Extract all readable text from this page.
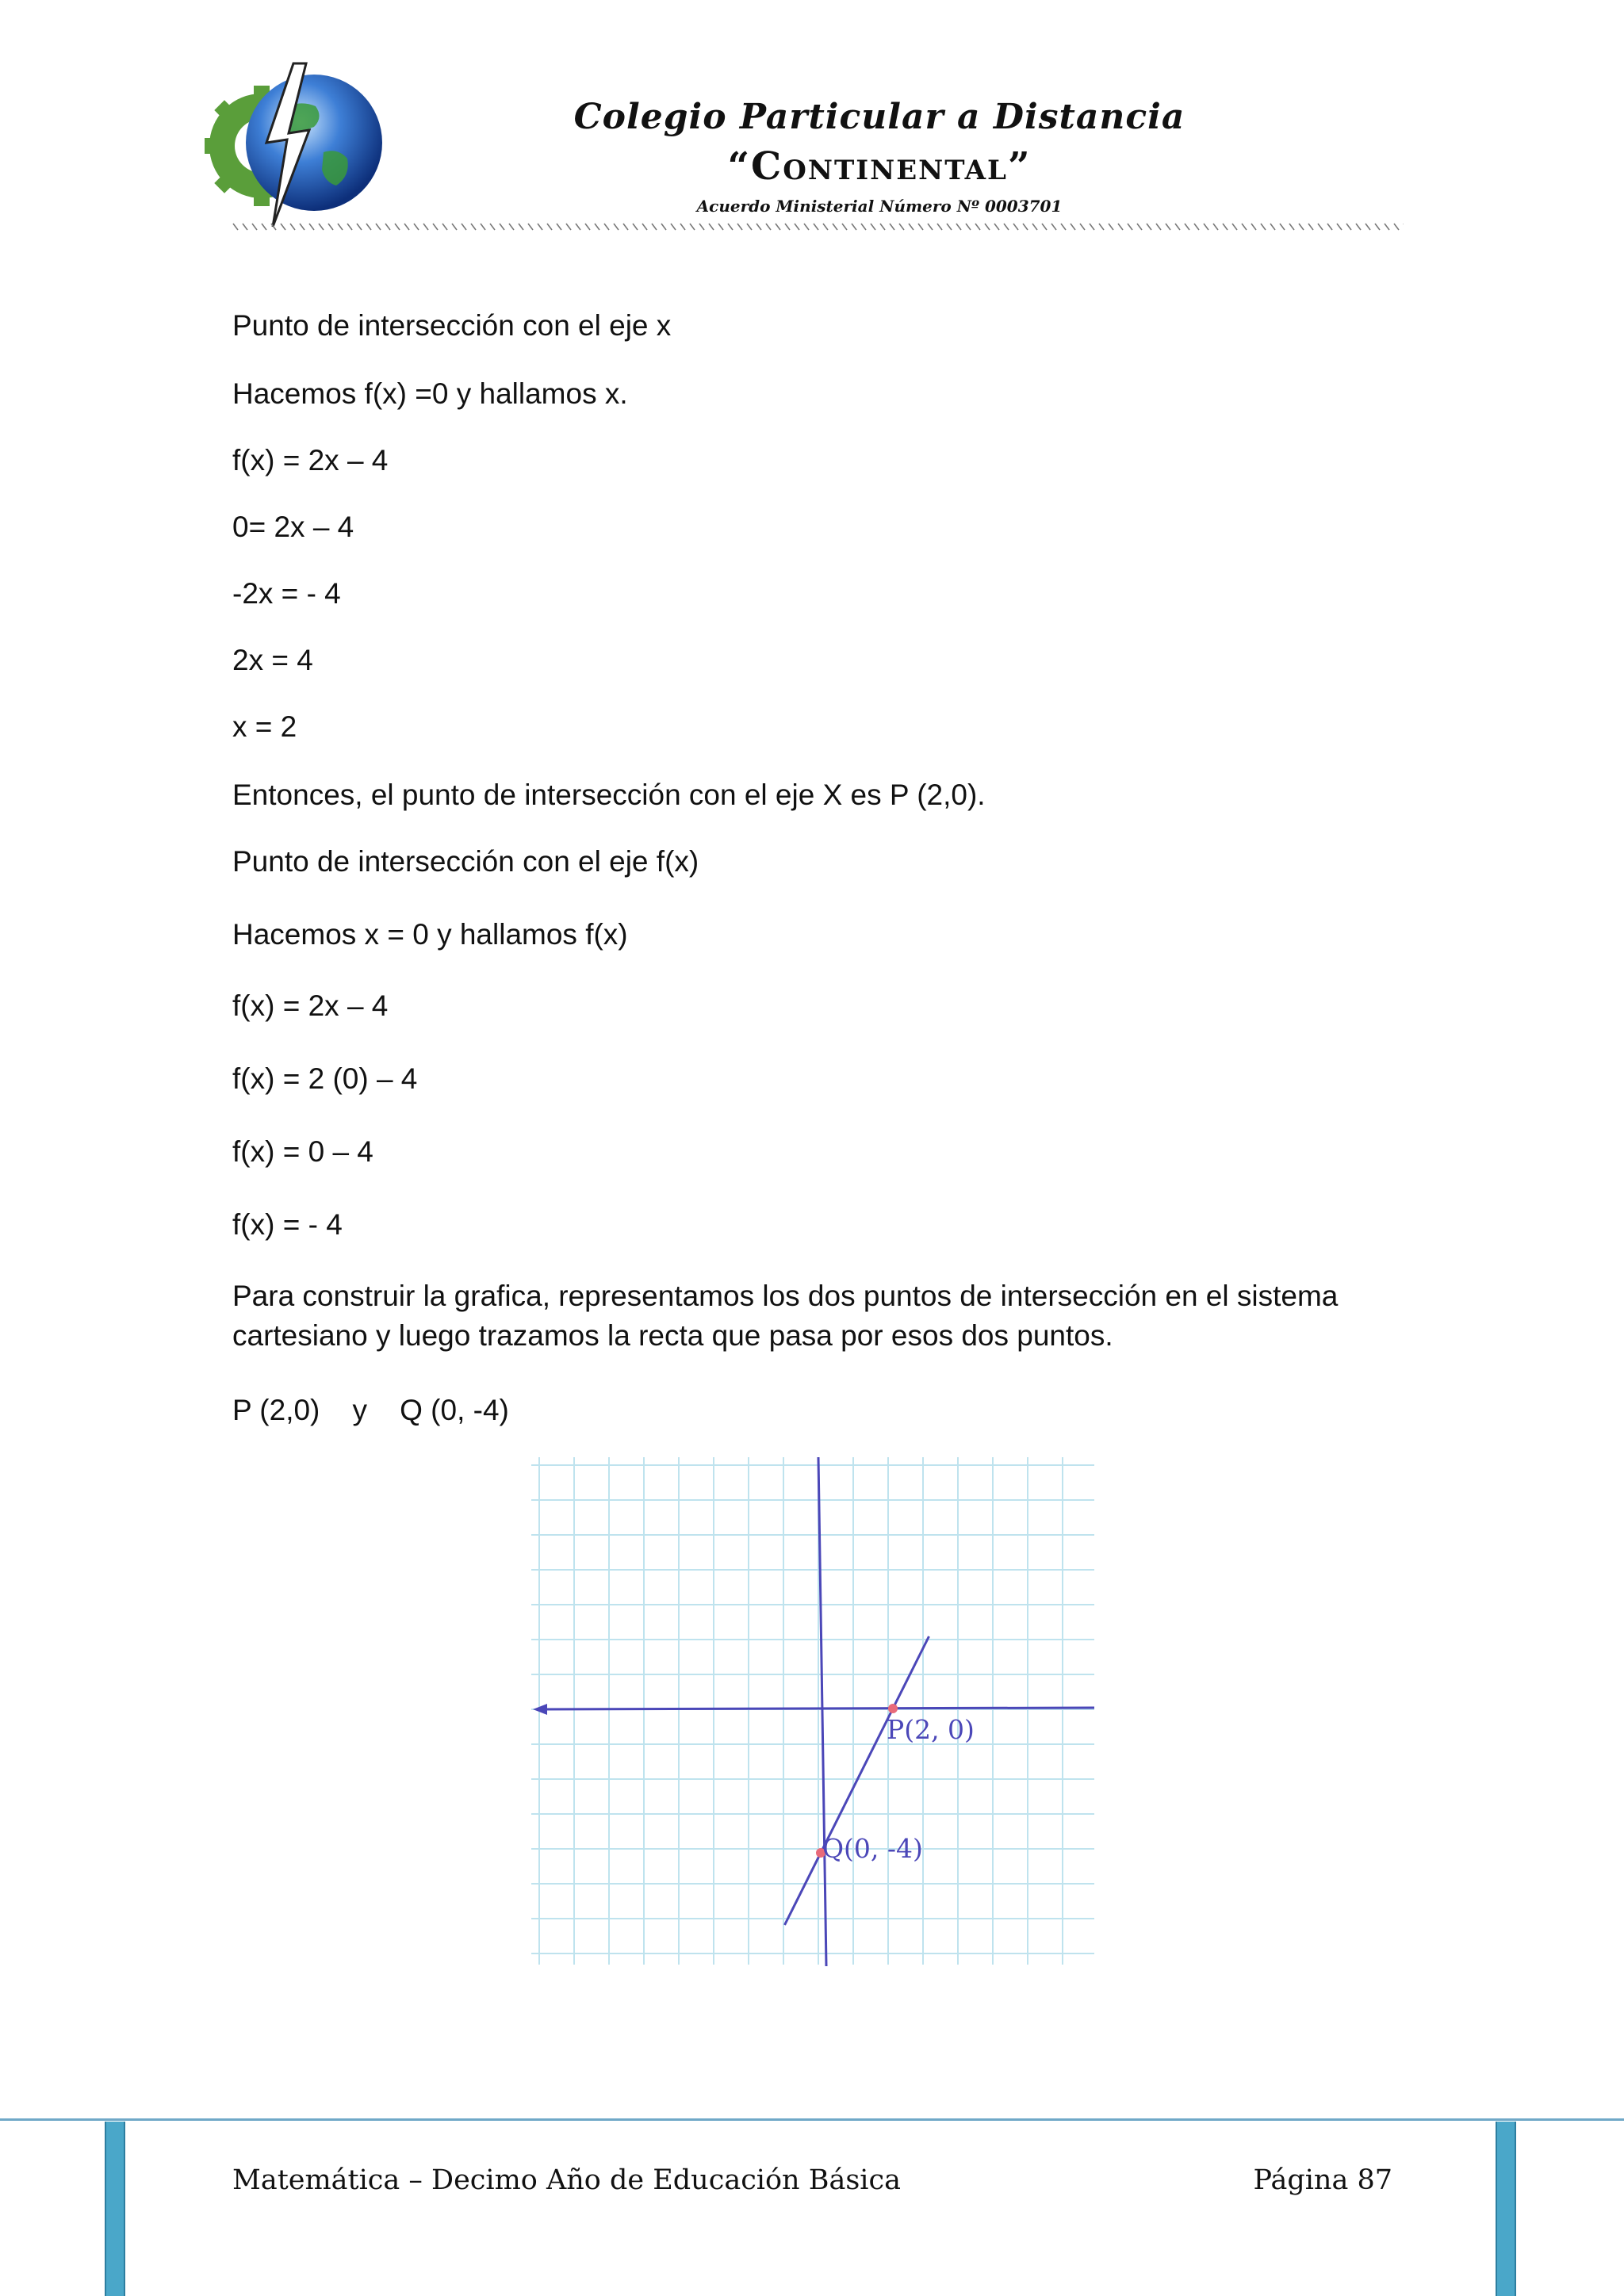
Colegio Particular a Distancia
“Continental”
Acuerdo Ministerial Número Nº 0003701
Punto de intersección con el eje x
Hacemos f(x) =0 y hallamos x.
f(x) = 2x – 4
0= 2x – 4
-2x = - 4
2x = 4
x = 2
Entonces, el punto de intersección con el eje X es P (2,0).
Punto de intersección con el eje f(x)
Hacemos x = 0 y hallamos f(x)
f(x) = 2x – 4
f(x) = 2 (0) – 4
f(x) = 0 – 4
f(x) = - 4
Para construir la grafica, representamos los dos puntos de intersección en el sistema cartesiano y luego trazamos la recta que pasa por esos dos puntos.
P (2,0)    y    Q (0, -4)
P(2, 0)
Q(0, -4)
Matemática – Decimo Año de Educación Básica	Página 87
